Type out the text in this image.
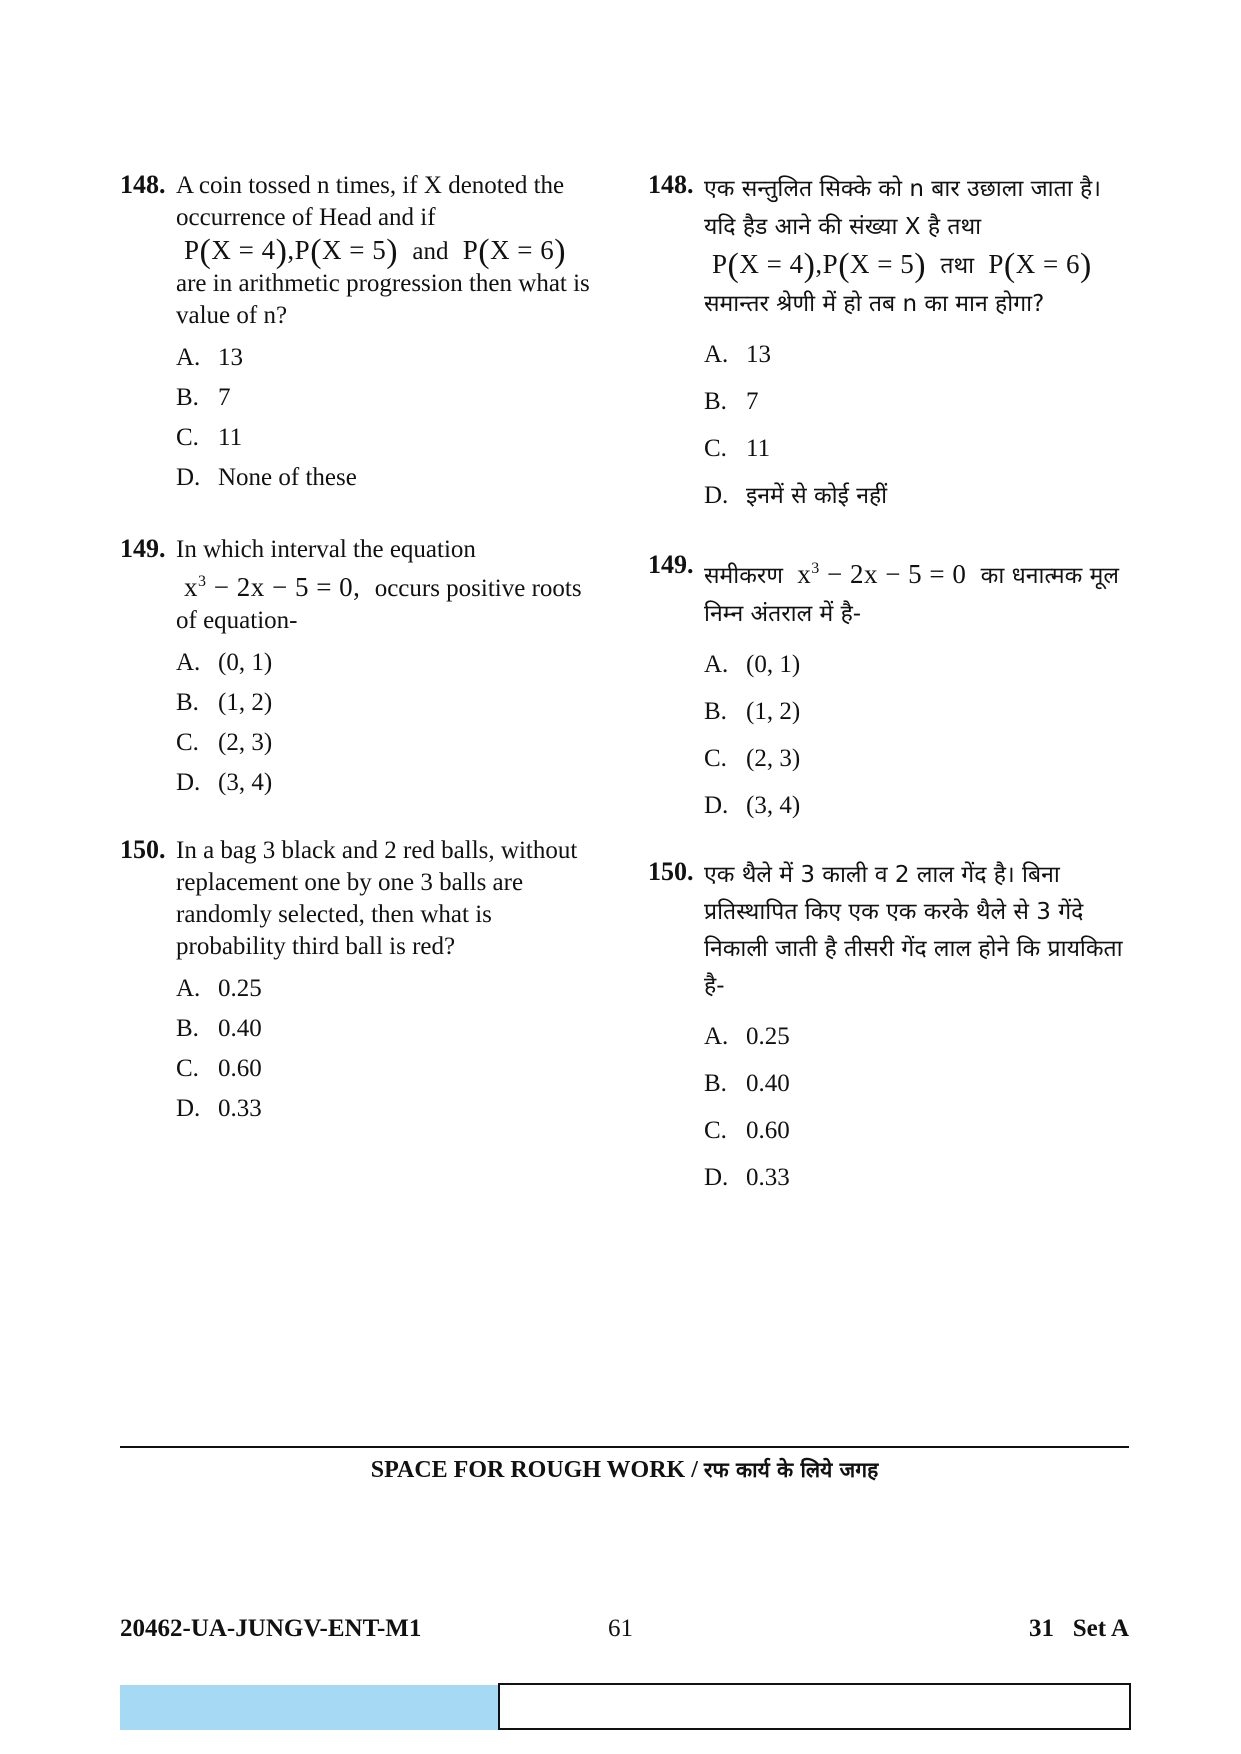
148. A coin tossed n times, if X denoted the occurrence of Head and if
P(X = 4),P(X = 5) and P(X = 6) are in arithmetic progression then what is value of n?
A. 13
B. 7
C. 11
D. None of these
149. In which interval the equation
$x^3 - 2x - 5 = 0$, occurs positive roots of equation-
A. (0, 1)
B. (1, 2)
C. (2, 3)
D. (3, 4)
150. In a bag 3 black and 2 red balls, without replacement one by one 3 balls are randomly selected, then what is probability third ball is red?
A. 0.25
B. 0.40
C. 0.60
D. 0.33
148. एक सन्तुलित सिक्के को n बार उछाला जाता है। यदि हैड आने की संख्या X है तथा
P(X = 4),P(X = 5) तथा P(X = 6)
समान्तर श्रेणी में हो तब n का मान होगा?
A. 13
B. 7
C. 11
D. इनमें से कोई नहीं
149. समीकरण $x^3 - 2x - 5 = 0$ का धनात्मक मूल निम्न अंतराल में है-
A. (0, 1)
B. (1, 2)
C. (2, 3)
D. (3, 4)
150. एक थैले में 3 काली व 2 लाल गेंद है। बिना प्रतिस्थापित किए एक एक करके थैले से 3 गेंदे निकाली जाती है तीसरी गेंद लाल होने कि प्रायकिता है-
A. 0.25
B. 0.40
C. 0.60
D. 0.33
SPACE FOR ROUGH WORK / रफ कार्य के लिये जगह
61
20462-UA-JUNGV-ENT-M1	31   Set A
